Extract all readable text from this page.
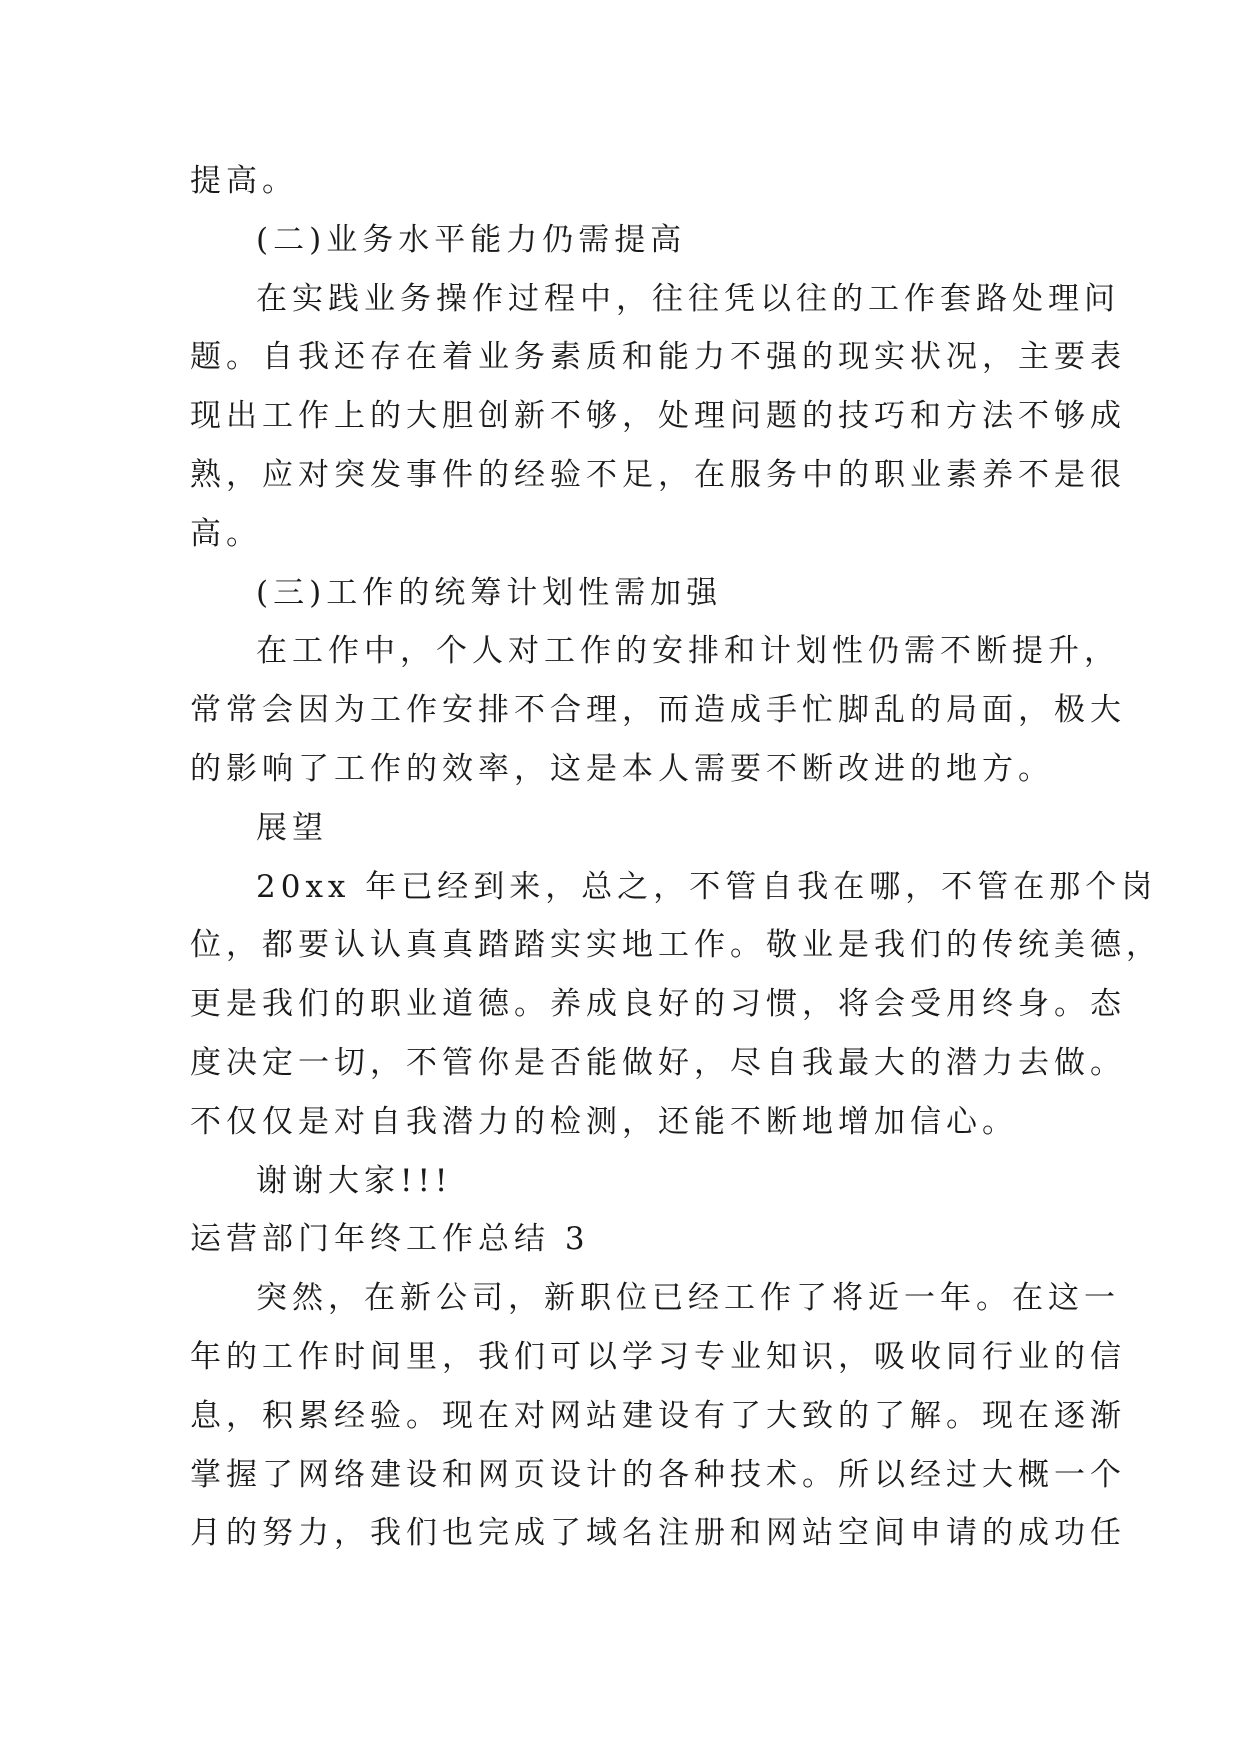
提高。
(二)业务水平能力仍需提高
在实践业务操作过程中，往往凭以往的工作套路处理问
题。自我还存在着业务素质和能力不强的现实状况，主要表
现出工作上的大胆创新不够，处理问题的技巧和方法不够成
熟，应对突发事件的经验不足，在服务中的职业素养不是很
高。
(三)工作的统筹计划性需加强
在工作中，个人对工作的安排和计划性仍需不断提升，
常常会因为工作安排不合理，而造成手忙脚乱的局面，极大
的影响了工作的效率，这是本人需要不断改进的地方。
展望
20xx 年已经到来，总之，不管自我在哪，不管在那个岗
位，都要认认真真踏踏实实地工作。敬业是我们的传统美德，
更是我们的职业道德。养成良好的习惯，将会受用终身。态
度决定一切，不管你是否能做好，尽自我最大的潜力去做。
不仅仅是对自我潜力的检测，还能不断地增加信心。
谢谢大家!!!
运营部门年终工作总结 3
突然，在新公司，新职位已经工作了将近一年。在这一
年的工作时间里，我们可以学习专业知识，吸收同行业的信
息，积累经验。现在对网站建设有了大致的了解。现在逐渐
掌握了网络建设和网页设计的各种技术。所以经过大概一个
月的努力，我们也完成了域名注册和网站空间申请的成功任
